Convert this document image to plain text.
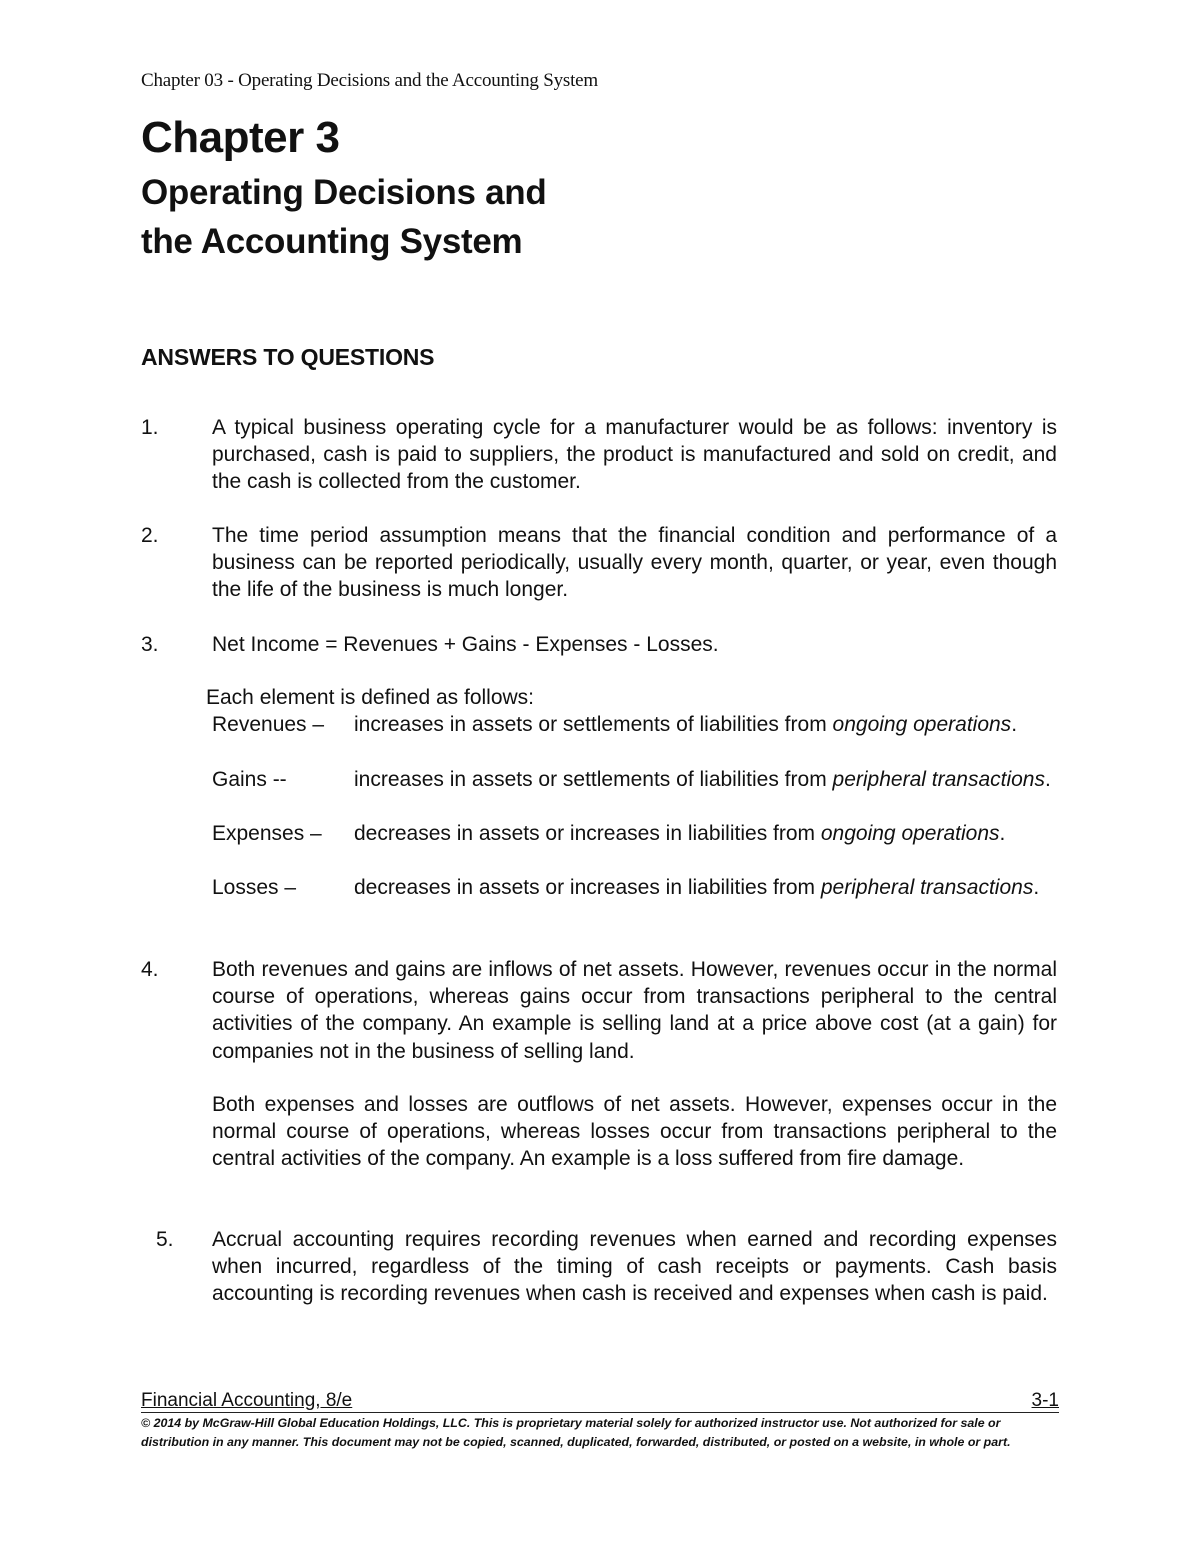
Chapter 03 - Operating Decisions and the Accounting System
Chapter 3
Operating Decisions and
the Accounting System
ANSWERS TO QUESTIONS
1.	A typical business operating cycle for a manufacturer would be as follows: inventory is purchased, cash is paid to suppliers, the product is manufactured and sold on credit, and the cash is collected from the customer.
2.	The time period assumption means that the financial condition and performance of a business can be reported periodically, usually every month, quarter, or year, even though the life of the business is much longer.
3.	Net Income = Revenues + Gains - Expenses - Losses.
Each element is defined as follows:
Revenues – increases in assets or settlements of liabilities from ongoing operations.
Gains --	increases in assets or settlements of liabilities from peripheral transactions.
Expenses – decreases in assets or increases in liabilities from ongoing operations.
Losses –	decreases in assets or increases in liabilities from peripheral transactions.
4.	Both revenues and gains are inflows of net assets. However, revenues occur in the normal course of operations, whereas gains occur from transactions peripheral to the central activities of the company. An example is selling land at a price above cost (at a gain) for companies not in the business of selling land.
Both expenses and losses are outflows of net assets. However, expenses occur in the normal course of operations, whereas losses occur from transactions peripheral to the central activities of the company. An example is a loss suffered from fire damage.
5. Accrual accounting requires recording revenues when earned and recording expenses when incurred, regardless of the timing of cash receipts or payments. Cash basis accounting is recording revenues when cash is received and expenses when cash is paid.
Financial Accounting, 8/e	3-1
© 2014 by McGraw-Hill Global Education Holdings, LLC. This is proprietary material solely for authorized instructor use. Not authorized for sale or distribution in any manner. This document may not be copied, scanned, duplicated, forwarded, distributed, or posted on a website, in whole or part.
